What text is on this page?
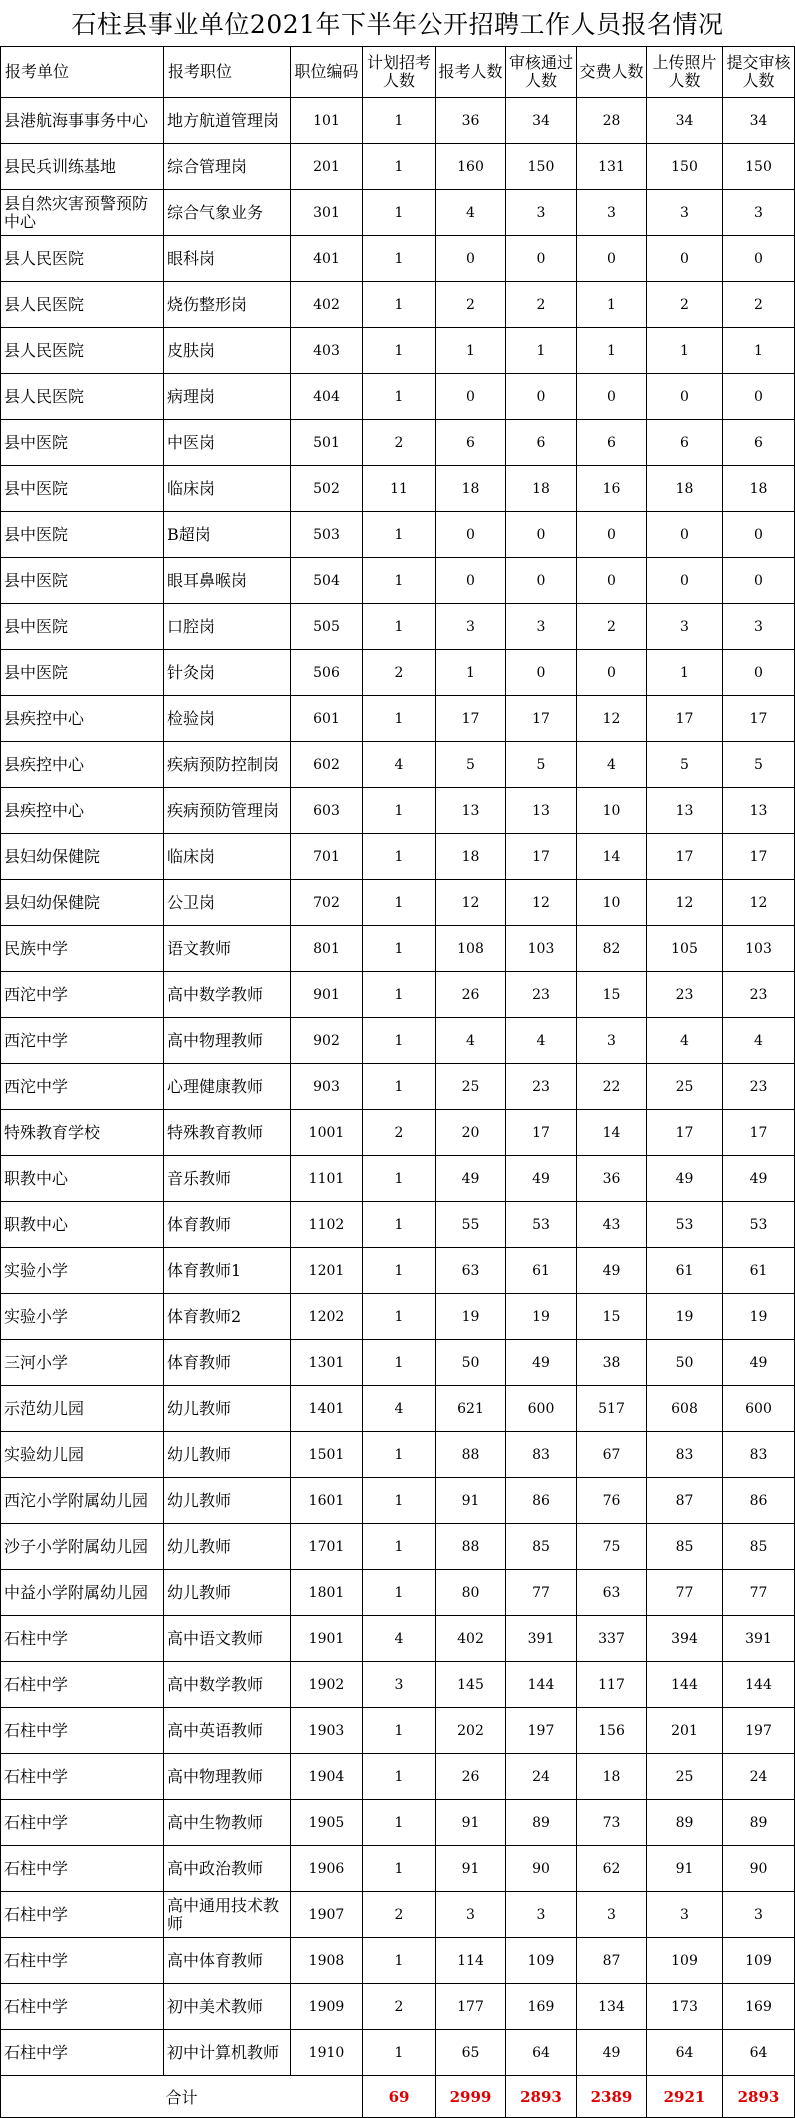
石柱县事业单位2021年下半年公开招聘工作人员报名情况
报考单位	报考职位	职位编码	计划招考人数	报考人数	审核通过人数	交费人数	上传照片人数	提交审核人数
县港航海事事务中心	地方航道管理岗	101	1	36	34	28	34	34
县民兵训练基地	综合管理岗	201	1	160	150	131	150	150
县自然灾害预警预防中心	综合气象业务	301	1	4	3	3	3	3
县人民医院	眼科岗	401	1	0	0	0	0	0
县人民医院	烧伤整形岗	402	1	2	2	1	2	2
县人民医院	皮肤岗	403	1	1	1	1	1	1
县人民医院	病理岗	404	1	0	0	0	0	0
县中医院	中医岗	501	2	6	6	6	6	6
县中医院	临床岗	502	11	18	18	16	18	18
县中医院	B超岗	503	1	0	0	0	0	0
县中医院	眼耳鼻喉岗	504	1	0	0	0	0	0
县中医院	口腔岗	505	1	3	3	2	3	3
县中医院	针灸岗	506	2	1	0	0	1	0
县疾控中心	检验岗	601	1	17	17	12	17	17
县疾控中心	疾病预防控制岗	602	4	5	5	4	5	5
县疾控中心	疾病预防管理岗	603	1	13	13	10	13	13
县妇幼保健院	临床岗	701	1	18	17	14	17	17
县妇幼保健院	公卫岗	702	1	12	12	10	12	12
民族中学	语文教师	801	1	108	103	82	105	103
西沱中学	高中数学教师	901	1	26	23	15	23	23
西沱中学	高中物理教师	902	1	4	4	3	4	4
西沱中学	心理健康教师	903	1	25	23	22	25	23
特殊教育学校	特殊教育教师	1001	2	20	17	14	17	17
职教中心	音乐教师	1101	1	49	49	36	49	49
职教中心	体育教师	1102	1	55	53	43	53	53
实验小学	体育教师1	1201	1	63	61	49	61	61
实验小学	体育教师2	1202	1	19	19	15	19	19
三河小学	体育教师	1301	1	50	49	38	50	49
示范幼儿园	幼儿教师	1401	4	621	600	517	608	600
实验幼儿园	幼儿教师	1501	1	88	83	67	83	83
西沱小学附属幼儿园	幼儿教师	1601	1	91	86	76	87	86
沙子小学附属幼儿园	幼儿教师	1701	1	88	85	75	85	85
中益小学附属幼儿园	幼儿教师	1801	1	80	77	63	77	77
石柱中学	高中语文教师	1901	4	402	391	337	394	391
石柱中学	高中数学教师	1902	3	145	144	117	144	144
石柱中学	高中英语教师	1903	1	202	197	156	201	197
石柱中学	高中物理教师	1904	1	26	24	18	25	24
石柱中学	高中生物教师	1905	1	91	89	73	89	89
石柱中学	高中政治教师	1906	1	91	90	62	91	90
石柱中学	高中通用技术教师	1907	2	3	3	3	3	3
石柱中学	高中体育教师	1908	1	114	109	87	109	109
石柱中学	初中美术教师	1909	2	177	169	134	173	169
石柱中学	初中计算机教师	1910	1	65	64	49	64	64
合计			69	2999	2893	2389	2921	2893
